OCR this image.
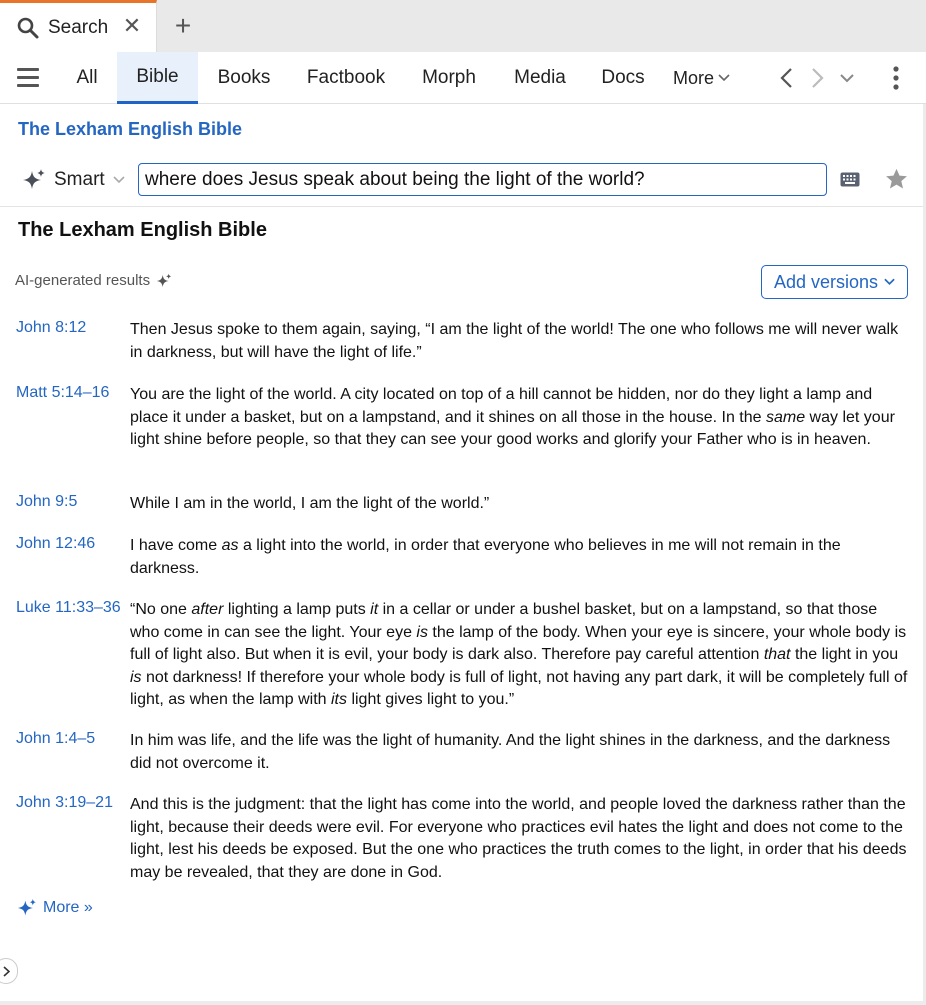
Search ✕ +
All	Bible	Books	Factbook	Morph	Media	Docs	More
The Lexham English Bible
Smart
where does Jesus speak about being the light of the world?
The Lexham English Bible
AI-generated results	Add versions
John 8:12	Then Jesus spoke to them again, saying, “I am the light of the world! The one who follows me will never walk in darkness, but will have the light of life.”
Matt 5:14–16 You are the light of the world. A city located on top of a hill cannot be hidden, nor do they light a lamp and place it under a basket, but on a lampstand, and it shines on all those in the house. In the same way let your light shine before people, so that they can see your good works and glorify your Father who is in heaven.
John 9:5	While I am in the world, I am the light of the world.”
John 12:46 I have come as a light into the world, in order that everyone who believes in me will not remain in the darkness.
Luke 11:33–36 “No one after lighting a lamp puts it in a cellar or under a bushel basket, but on a lampstand, so that those who come in can see the light. Your eye is the lamp of the body. When your eye is sincere, your whole body is full of light also. But when it is evil, your body is dark also. Therefore pay careful attention that the light in you is not darkness! If therefore your whole body is full of light, not having any part dark, it will be completely full of light, as when the lamp with its light gives light to you.”
John 1:4–5 In him was life, and the life was the light of humanity. And the light shines in the darkness, and the darkness did not overcome it.
John 3:19–21 And this is the judgment: that the light has come into the world, and people loved the darkness rather than the light, because their deeds were evil. For everyone who practices evil hates the light and does not come to the light, lest his deeds be exposed. But the one who practices the truth comes to the light, in order that his deeds may be revealed, that they are done in God.
More »
